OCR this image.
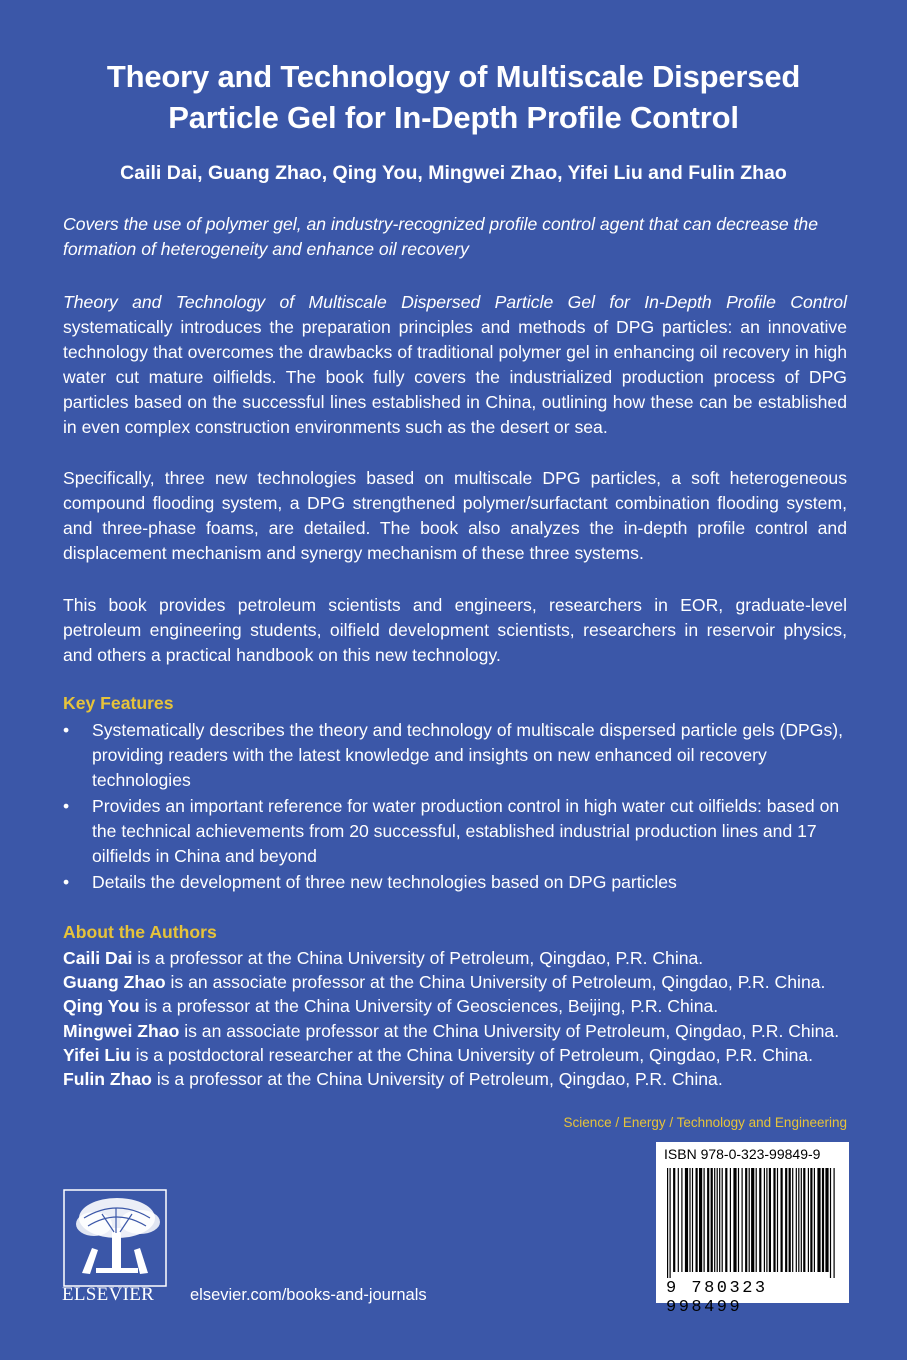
Theory and Technology of Multiscale Dispersed
Particle Gel for In-Depth Profile Control
Caili Dai, Guang Zhao, Qing You, Mingwei Zhao, Yifei Liu and Fulin Zhao
Covers the use of polymer gel, an industry-recognized profile control agent that can decrease the formation of heterogeneity and enhance oil recovery
Theory and Technology of Multiscale Dispersed Particle Gel for In-Depth Profile Control systematically introduces the preparation principles and methods of DPG particles: an innovative technology that overcomes the drawbacks of traditional polymer gel in enhancing oil recovery in high water cut mature oilfields. The book fully covers the industrialized production process of DPG particles based on the successful lines established in China, outlining how these can be established in even complex construction environments such as the desert or sea.
Specifically, three new technologies based on multiscale DPG particles, a soft heterogeneous compound flooding system, a DPG strengthened polymer/surfactant combination flooding system, and three-phase foams, are detailed. The book also analyzes the in-depth profile control and displacement mechanism and synergy mechanism of these three systems.
This book provides petroleum scientists and engineers, researchers in EOR, graduate-level petroleum engineering students, oilfield development scientists, researchers in reservoir physics, and others a practical handbook on this new technology.
Key Features
• Systematically describes the theory and technology of multiscale dispersed particle gels (DPGs), providing readers with the latest knowledge and insights on new enhanced oil recovery technologies
• Provides an important reference for water production control in high water cut oilfields: based on the technical achievements from 20 successful, established industrial production lines and 17 oilfields in China and beyond
• Details the development of three new technologies based on DPG particles
About the Authors
Caili Dai is a professor at the China University of Petroleum, Qingdao, P.R. China.
Guang Zhao is an associate professor at the China University of Petroleum, Qingdao, P.R. China.
Qing You is a professor at the China University of Geosciences, Beijing, P.R. China.
Mingwei Zhao is an associate professor at the China University of Petroleum, Qingdao, P.R. China.
Yifei Liu is a postdoctoral researcher at the China University of Petroleum, Qingdao, P.R. China.
Fulin Zhao is a professor at the China University of Petroleum, Qingdao, P.R. China.
Science / Energy / Technology and Engineering
ISBN 978-0-323-99849-9
9 780323 998499
ELSEVIER elsevier.com/books-and-journals
